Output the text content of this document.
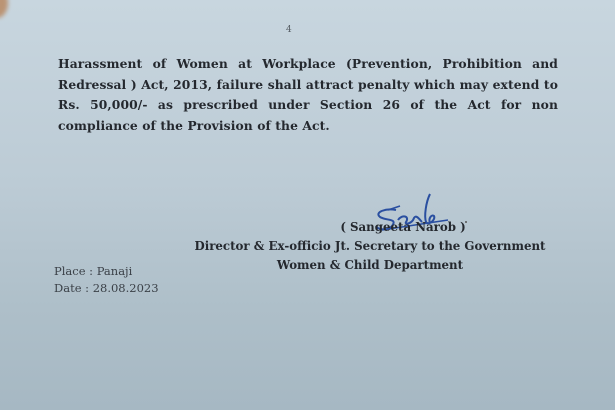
4
Harassment of Women at Workplace (Prevention, Prohibition and Redressal ) Act, 2013, failure shall attract penalty which may extend to Rs. 50,000/- as prescribed under Section 26 of the Act for non compliance of the Provision of the Act.
( Sangeeta Narob )
Director & Ex-officio Jt. Secretary to the Government
Women & Child Department
Place : Panaji
Date : 28.08.2023
